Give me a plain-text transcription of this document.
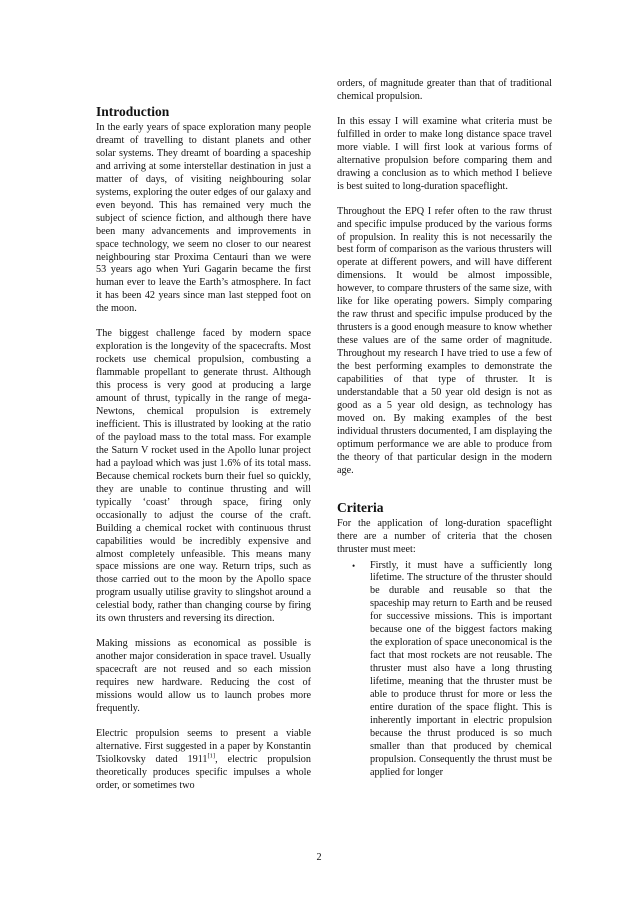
Introduction

In the early years of space exploration many people dreamt of travelling to distant planets and other solar systems. They dreamt of boarding a spaceship and arriving at some interstellar destination in just a matter of days, of visiting neighbouring solar systems, exploring the outer edges of our galaxy and even beyond. This has remained very much the subject of science fiction, and although there have been many advancements and improvements in space technology, we seem no closer to our nearest neighbouring star Proxima Centauri than we were 53 years ago when Yuri Gagarin became the first human ever to leave the Earth’s atmosphere. In fact it has been 42 years since man last stepped foot on the moon.

The biggest challenge faced by modern space exploration is the longevity of the spacecrafts. Most rockets use chemical propulsion, combusting a flammable propellant to generate thrust. Although this process is very good at producing a large amount of thrust, typically in the range of mega-Newtons, chemical propulsion is extremely inefficient. This is illustrated by looking at the ratio of the payload mass to the total mass. For example the Saturn V rocket used in the Apollo lunar project had a payload which was just 1.6% of its total mass. Because chemical rockets burn their fuel so quickly, they are unable to continue thrusting and will typically ‘coast’ through space, firing only occasionally to adjust the course of the craft. Building a chemical rocket with continuous thrust capabilities would be incredibly expensive and almost completely unfeasible. This means many space missions are one way. Return trips, such as those carried out to the moon by the Apollo space program usually utilise gravity to slingshot around a celestial body, rather than changing course by firing its own thrusters and reversing its direction.

Making missions as economical as possible is another major consideration in space travel. Usually spacecraft are not reused and so each mission requires new hardware. Reducing the cost of missions would allow us to launch probes more frequently.

Electric propulsion seems to present a viable alternative. First suggested in a paper by Konstantin Tsiolkovsky dated 1911[1], electric propulsion theoretically produces specific impulses a whole order, or sometimes two

orders, of magnitude greater than that of traditional chemical propulsion.

In this essay I will examine what criteria must be fulfilled in order to make long distance space travel more viable. I will first look at various forms of alternative propulsion before comparing them and drawing a conclusion as to which method I believe is best suited to long-duration spaceflight.

Throughout the EPQ I refer often to the raw thrust and specific impulse produced by the various forms of propulsion. In reality this is not necessarily the best form of comparison as the various thrusters will operate at different powers, and will have different dimensions. It would be almost impossible, however, to compare thrusters of the same size, with like for like operating powers. Simply comparing the raw thrust and specific impulse produced by the thrusters is a good enough measure to know whether these values are of the same order of magnitude. Throughout my research I have tried to use a few of the best performing examples to demonstrate the capabilities of that type of thruster. It is understandable that a 50 year old design is not as good as a 5 year old design, as technology has moved on. By making examples of the best individual thrusters documented, I am displaying the optimum performance we are able to produce from the theory of that particular design in the modern age.

Criteria

For the application of long-duration spaceflight there are a number of criteria that the chosen thruster must meet:

• Firstly, it must have a sufficiently long lifetime. The structure of the thruster should be durable and reusable so that the spaceship may return to Earth and be reused for successive missions. This is important because one of the biggest factors making the exploration of space uneconomical is the fact that most rockets are not reusable. The thruster must also have a long thrusting lifetime, meaning that the thruster must be able to produce thrust for more or less the entire duration of the space flight. This is inherently important in electric propulsion because the thrust produced is so much smaller than that produced by chemical propulsion. Consequently the thrust must be applied for longer
2
